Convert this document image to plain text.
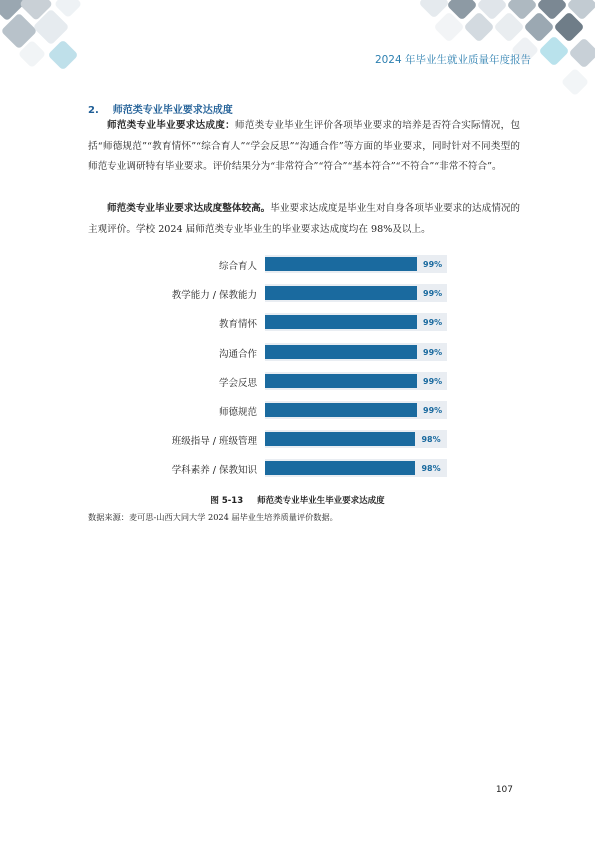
2024 年毕业生就业质量年度报告
2. 师范类专业毕业要求达成度
师范类专业毕业要求达成度：师范类专业毕业生评价各项毕业要求的培养是否符合实际情况，包括“师德规范”“教育情怀”“综合育人”“学会反思”“沟通合作”等方面的毕业要求，同时针对不同类型的师范专业调研特有毕业要求。评价结果分为“非常符合”“符合”“基本符合”“不符合”“非常不符合”。
师范类专业毕业要求达成度整体较高。毕业要求达成度是毕业生对自身各项毕业要求的达成情况的主观评价。学校 2024 届师范类专业毕业生的毕业要求达成度均在 98%及以上。
综合育人	99%
教学能力 / 保教能力	99%
教育情怀	99%
沟通合作	99%
学会反思	99%
师德规范	99%
班级指导 / 班级管理	98%
学科素养 / 保教知识	98%
图 5-13 师范类专业毕业生毕业要求达成度
数据来源：麦可思-山西大同大学 2024 届毕业生培养质量评价数据。
107
